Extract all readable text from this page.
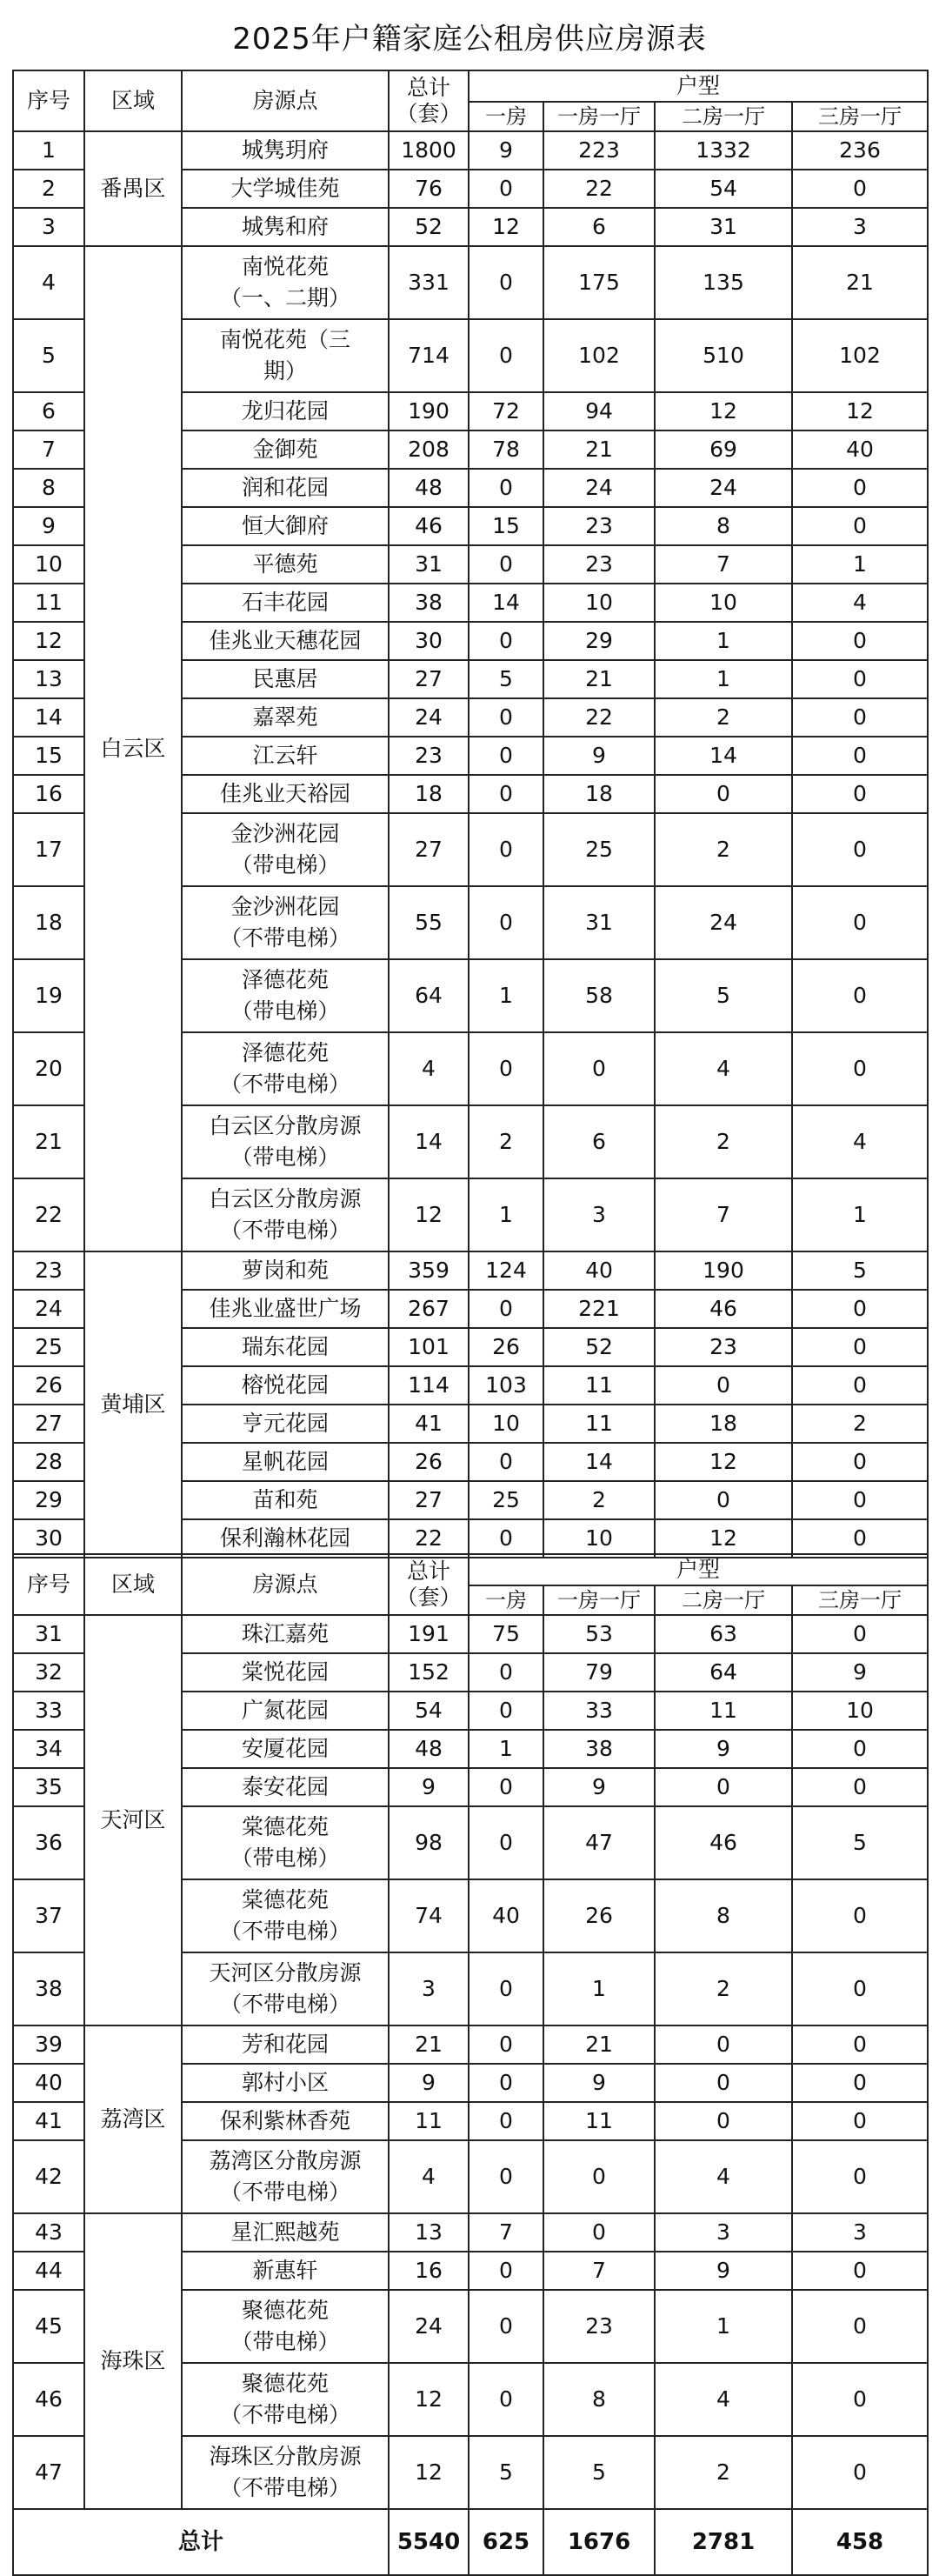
2025年户籍家庭公租房供应房源表
序号	区域	房源点	总计
（套）	户型			
				一房	一房一厅	二房一厅	三房一厅
1	番禺区	城隽玥府	1800	9	223	1332	236
2		大学城佳苑	76	0	22	54	0
3		城隽和府	52	12	6	31	3
4	白云区	南悦花苑
（一、二期）	331	0	175	135	21
5		南悦花苑（三
期）	714	0	102	510	102
6		龙归花园	190	72	94	12	12
7		金御苑	208	78	21	69	40
8		润和花园	48	0	24	24	0
9		恒大御府	46	15	23	8	0
10		平德苑	31	0	23	7	1
11		石丰花园	38	14	10	10	4
12		佳兆业天穗花园	30	0	29	1	0
13		民惠居	27	5	21	1	0
14		嘉翠苑	24	0	22	2	0
15		江云轩	23	0	9	14	0
16		佳兆业天裕园	18	0	18	0	0
17		金沙洲花园
（带电梯）	27	0	25	2	0
18		金沙洲花园
（不带电梯）	55	0	31	24	0
19		泽德花苑
（带电梯）	64	1	58	5	0
20		泽德花苑
（不带电梯）	4	0	0	4	0
21		白云区分散房源
（带电梯）	14	2	6	2	4
22		白云区分散房源
（不带电梯）	12	1	3	7	1
23	黄埔区	萝岗和苑	359	124	40	190	5
24		佳兆业盛世广场	267	0	221	46	0
25		瑞东花园	101	26	52	23	0
26		榕悦花园	114	103	11	0	0
27		亨元花园	41	10	11	18	2
28		星帆花园	26	0	14	12	0
29		苗和苑	27	25	2	0	0
30		保利瀚林花园	22	0	10	12	0
序号	区域	房源点	总计
（套）	户型			
				一房	一房一厅	二房一厅	三房一厅
31	天河区	珠江嘉苑	191	75	53	63	0
32		棠悦花园	152	0	79	64	9
33		广氮花园	54	0	33	11	10
34		安厦花园	48	1	38	9	0
35		泰安花园	9	0	9	0	0
36		棠德花苑
（带电梯）	98	0	47	46	5
37		棠德花苑
（不带电梯）	74	40	26	8	0
38		天河区分散房源
（不带电梯）	3	0	1	2	0
39	荔湾区	芳和花园	21	0	21	0	0
40		郭村小区	9	0	9	0	0
41		保利紫林香苑	11	0	11	0	0
42		荔湾区分散房源
（不带电梯）	4	0	0	4	0
43	海珠区	星汇熙越苑	13	7	0	3	3
44		新惠轩	16	0	7	9	0
45		聚德花苑
（带电梯）	24	0	23	1	0
46		聚德花苑
（不带电梯）	12	0	8	4	0
47		海珠区分散房源
（不带电梯）	12	5	5	2	0
总计			5540	625	1676	2781	458
